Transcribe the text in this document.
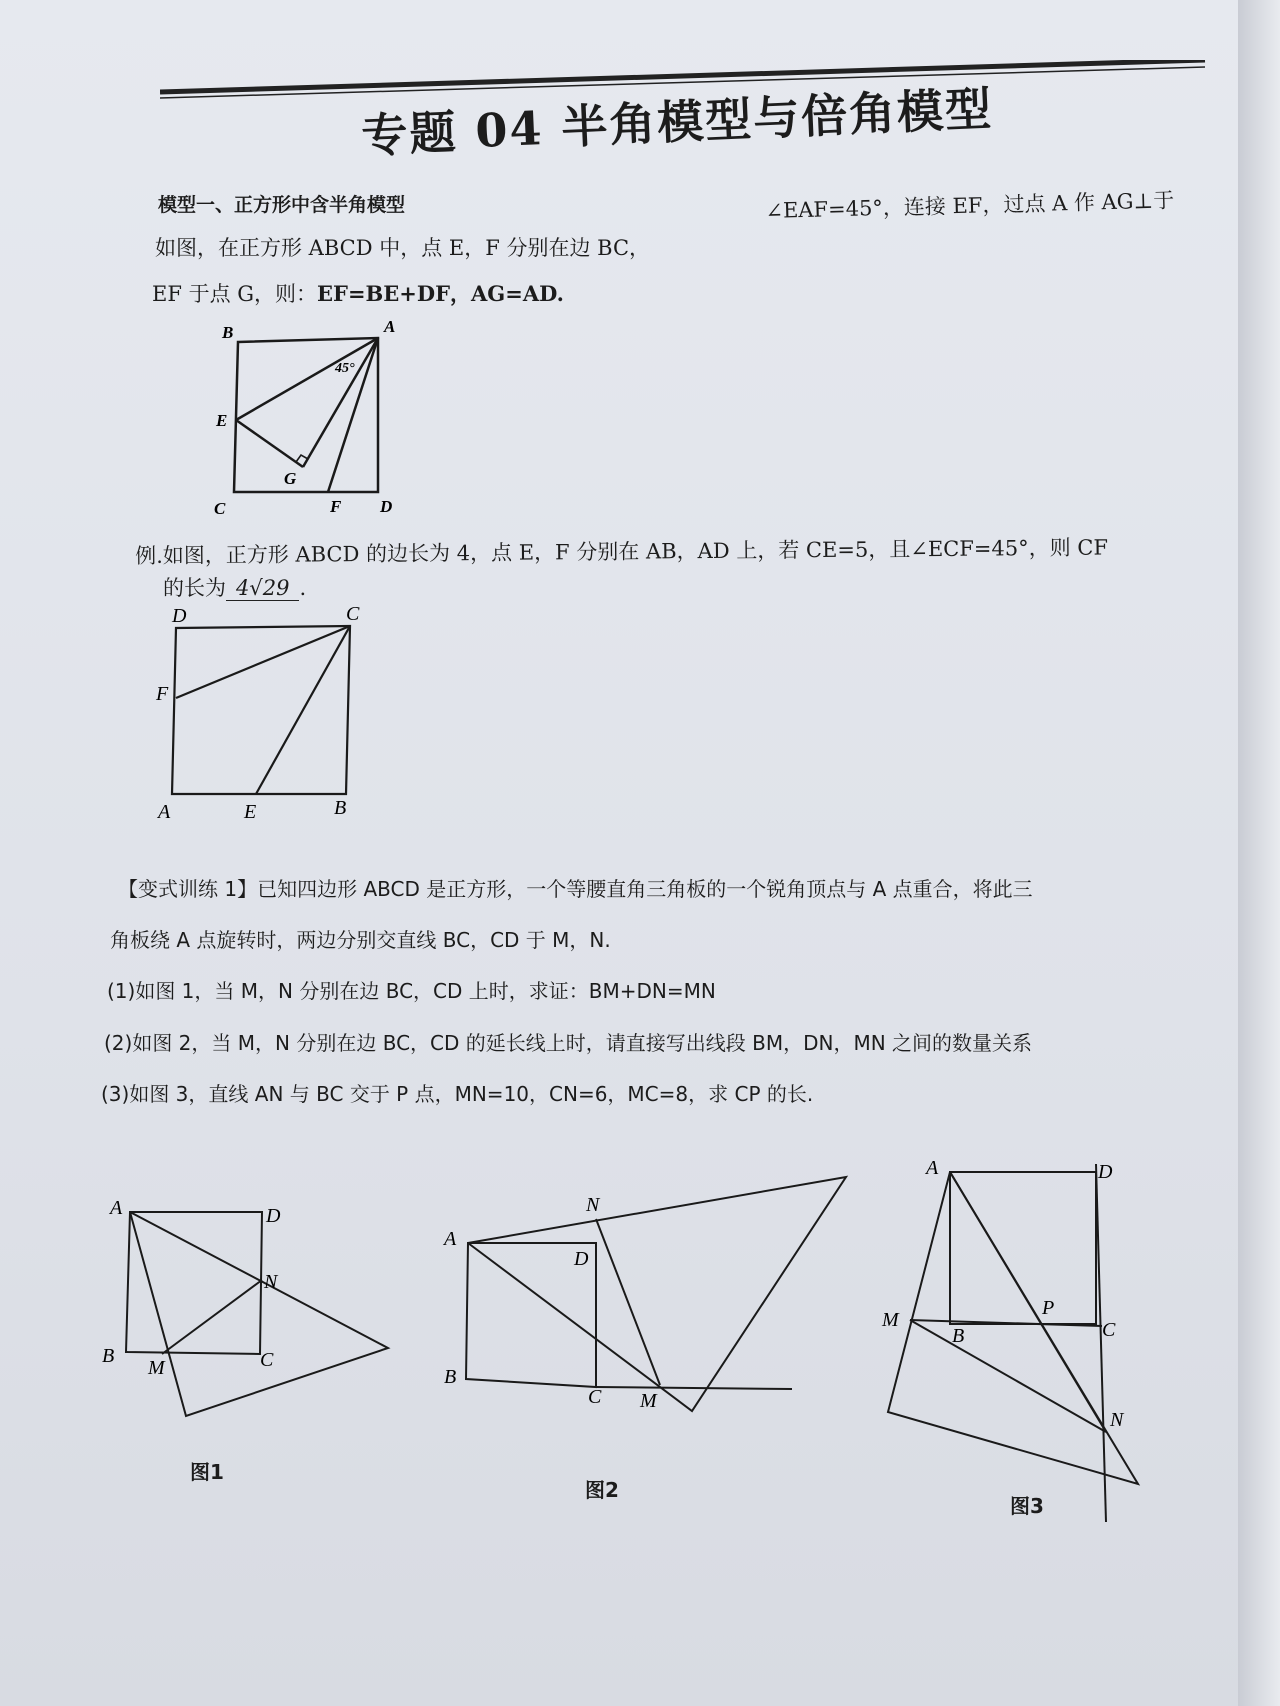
专题 04 半角模型与倍角模型
模型一、正方形中含半角模型
如图，在正方形 ABCD 中，点 E，F 分别在边 BC，
∠EAF=45°，连接 EF，过点 A 作 AG⊥于
EF 于点 G，则：EF=BE+DF，AG=AD.
45°
B	A
E
G
C	F D
例.如图，正方形 ABCD 的边长为 4，点 E，F 分别在 AB，AD 上，若 CE=5，且∠ECF=45°，则 CF
的长为 4√29 .
D	C
F
A	E	B
【变式训练 1】已知四边形 ABCD 是正方形，一个等腰直角三角板的一个锐角顶点与 A 点重合，将此三
角板绕 A 点旋转时，两边分别交直线 BC，CD 于 M，N.
(1)如图 1，当 M，N 分别在边 BC，CD 上时，求证：BM+DN=MN
(2)如图 2，当 M，N 分别在边 BC，CD 的延长线上时，请直接写出线段 BM，DN，MN 之间的数量关系
(3)如图 3，直线 AN 与 BC 交于 P 点，MN=10，CN=6，MC=8，求 CP 的长.
A	D
N
B
M	C
图1
N
A
D
B
C M
图2
A	D
P
M
B	C
N
图3
